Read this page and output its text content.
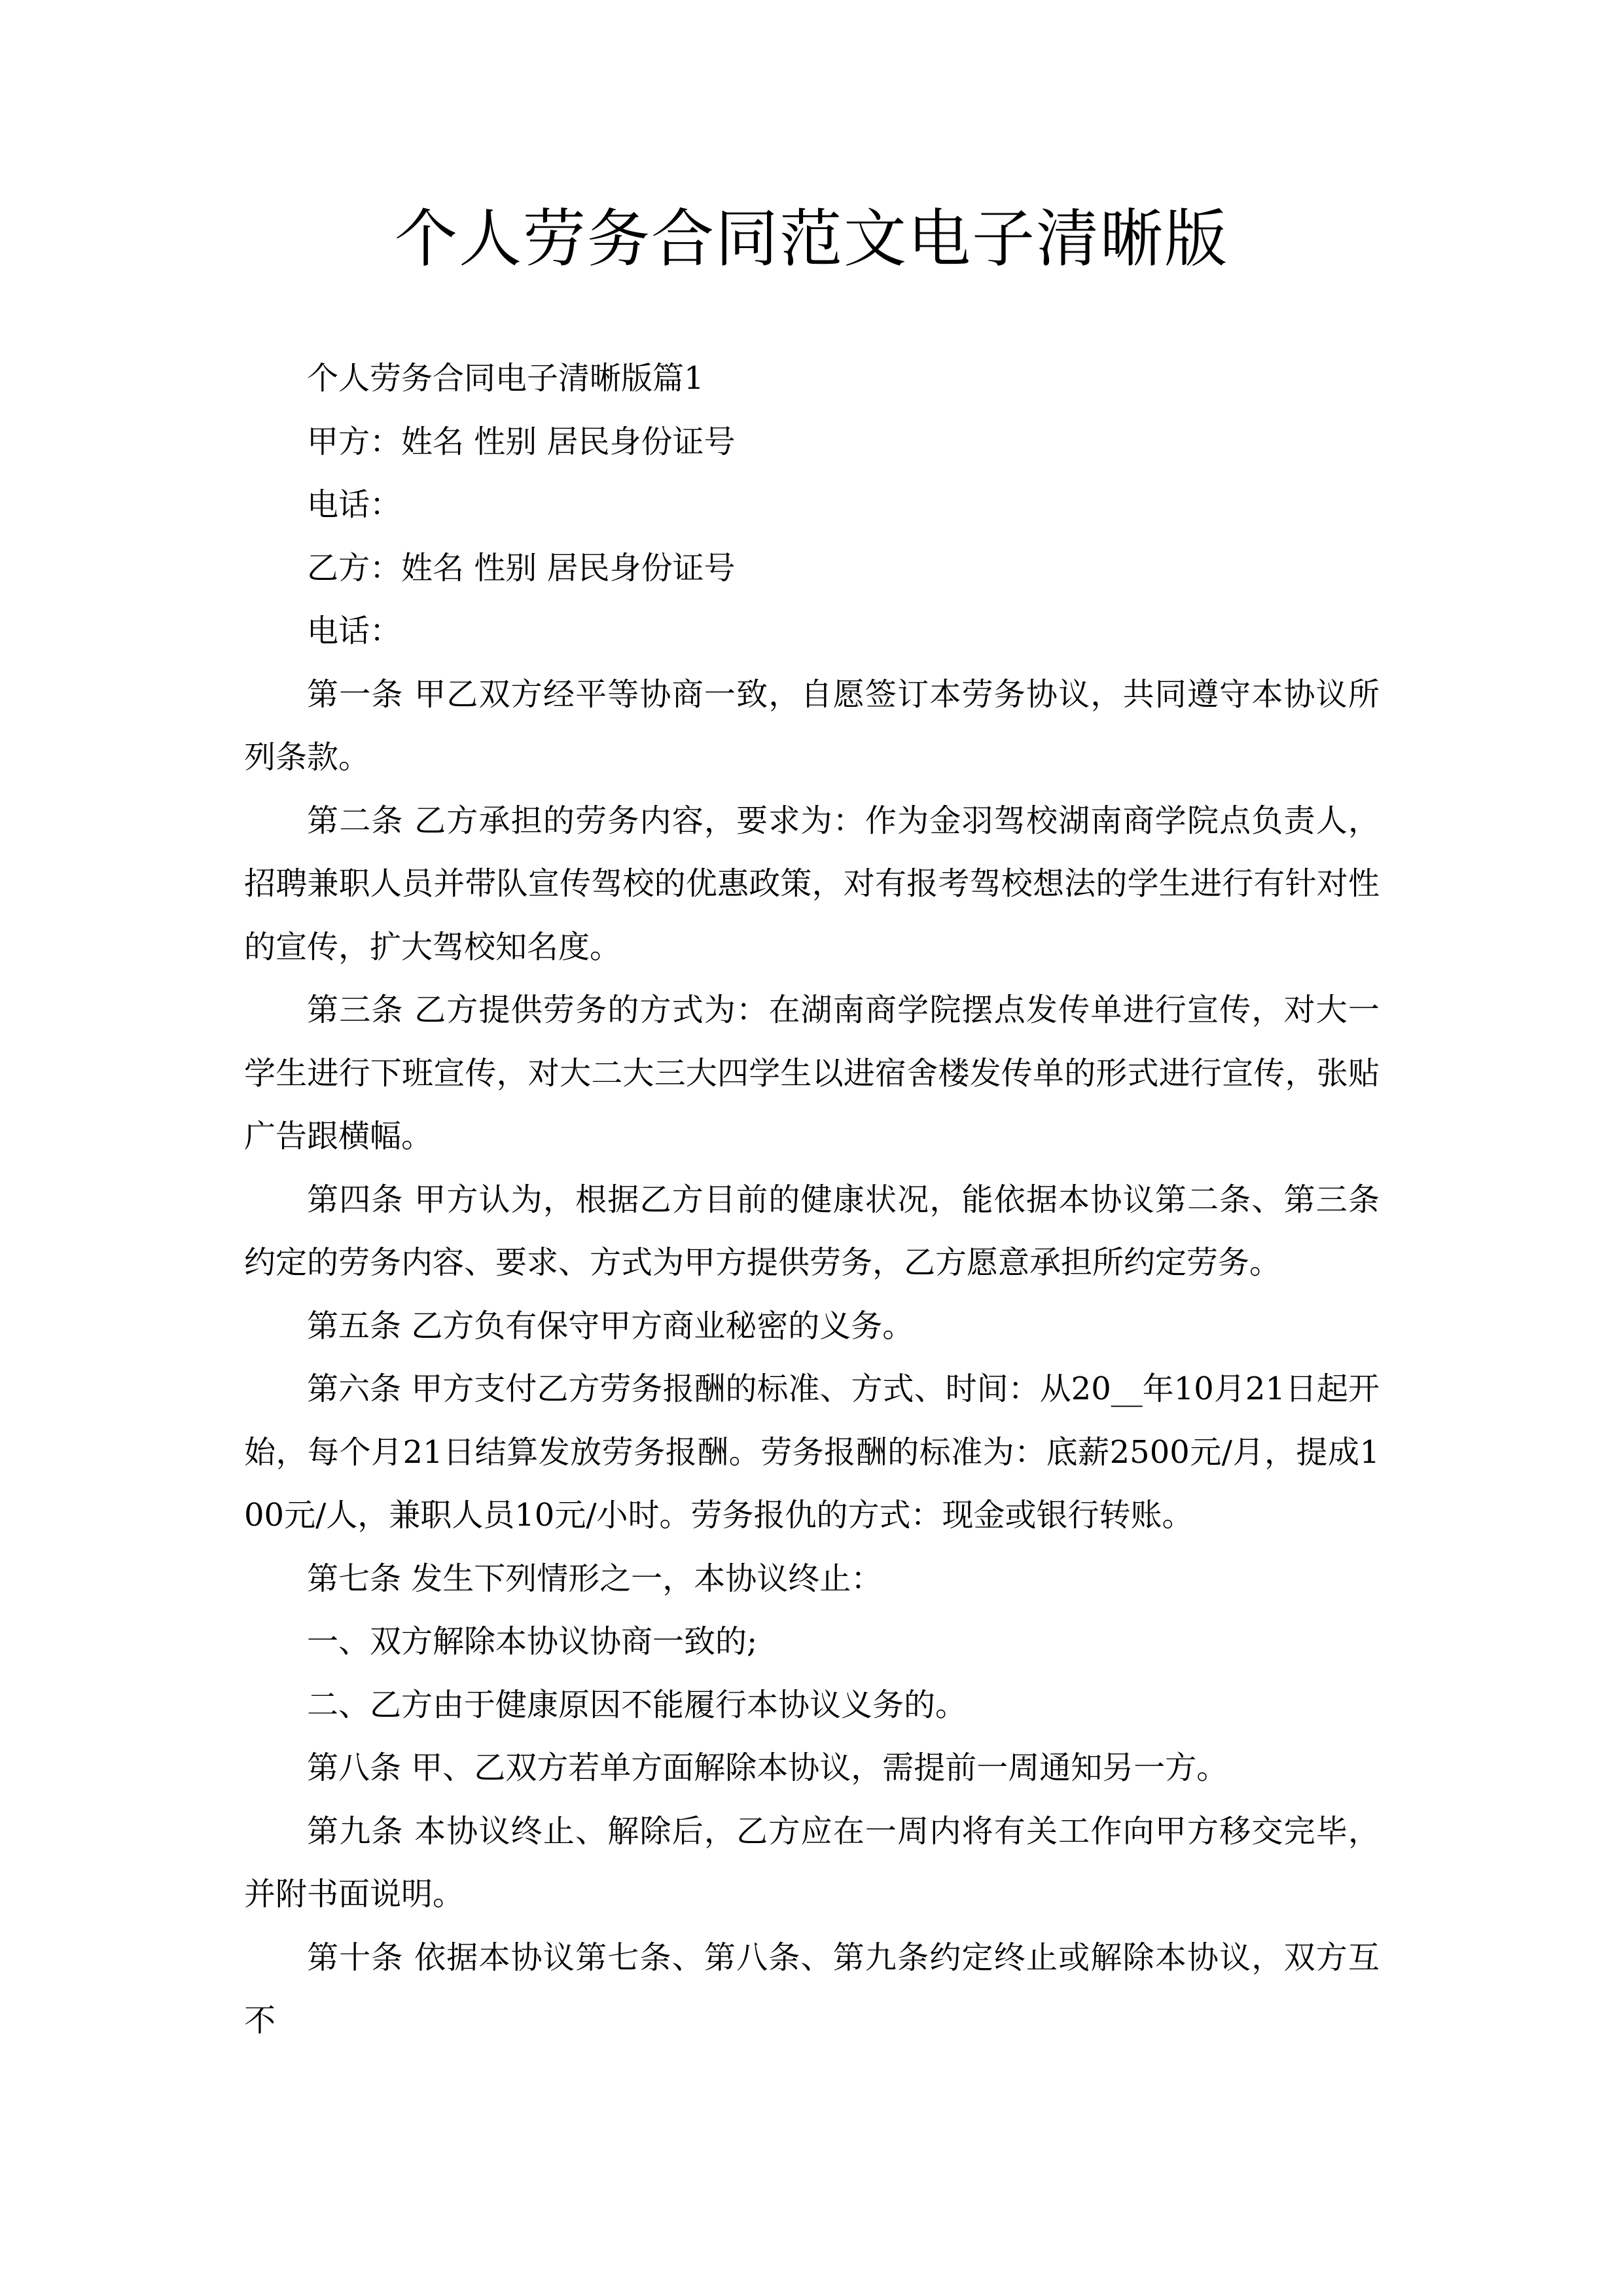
个人劳务合同范文电子清晰版

个人劳务合同电子清晰版篇1

甲方：姓名 性别 居民身份证号

电话：

乙方：姓名 性别 居民身份证号

电话：

第一条 甲乙双方经平等协商一致，自愿签订本劳务协议，共同遵守本协议所列条款。

第二条 乙方承担的劳务内容，要求为：作为金羽驾校湖南商学院点负责人，招聘兼职人员并带队宣传驾校的优惠政策，对有报考驾校想法的学生进行有针对性的宣传，扩大驾校知名度。

第三条 乙方提供劳务的方式为：在湖南商学院摆点发传单进行宣传，对大一学生进行下班宣传，对大二大三大四学生以进宿舍楼发传单的形式进行宣传，张贴广告跟横幅。

第四条 甲方认为，根据乙方目前的健康状况，能依据本协议第二条、第三条约定的劳务内容、要求、方式为甲方提供劳务，乙方愿意承担所约定劳务。

第五条 乙方负有保守甲方商业秘密的义务。

第六条 甲方支付乙方劳务报酬的标准、方式、时间：从20__年10月21日起开始，每个月21日结算发放劳务报酬。劳务报酬的标准为：底薪2500元/月，提成100元/人，兼职人员10元/小时。劳务报仇的方式：现金或银行转账。

第七条 发生下列情形之一，本协议终止：

一、双方解除本协议协商一致的;

二、乙方由于健康原因不能履行本协议义务的。

第八条 甲、乙双方若单方面解除本协议，需提前一周通知另一方。

第九条 本协议终止、解除后，乙方应在一周内将有关工作向甲方移交完毕，并附书面说明。

第十条 依据本协议第七条、第八条、第九条约定终止或解除本协议，双方互不
